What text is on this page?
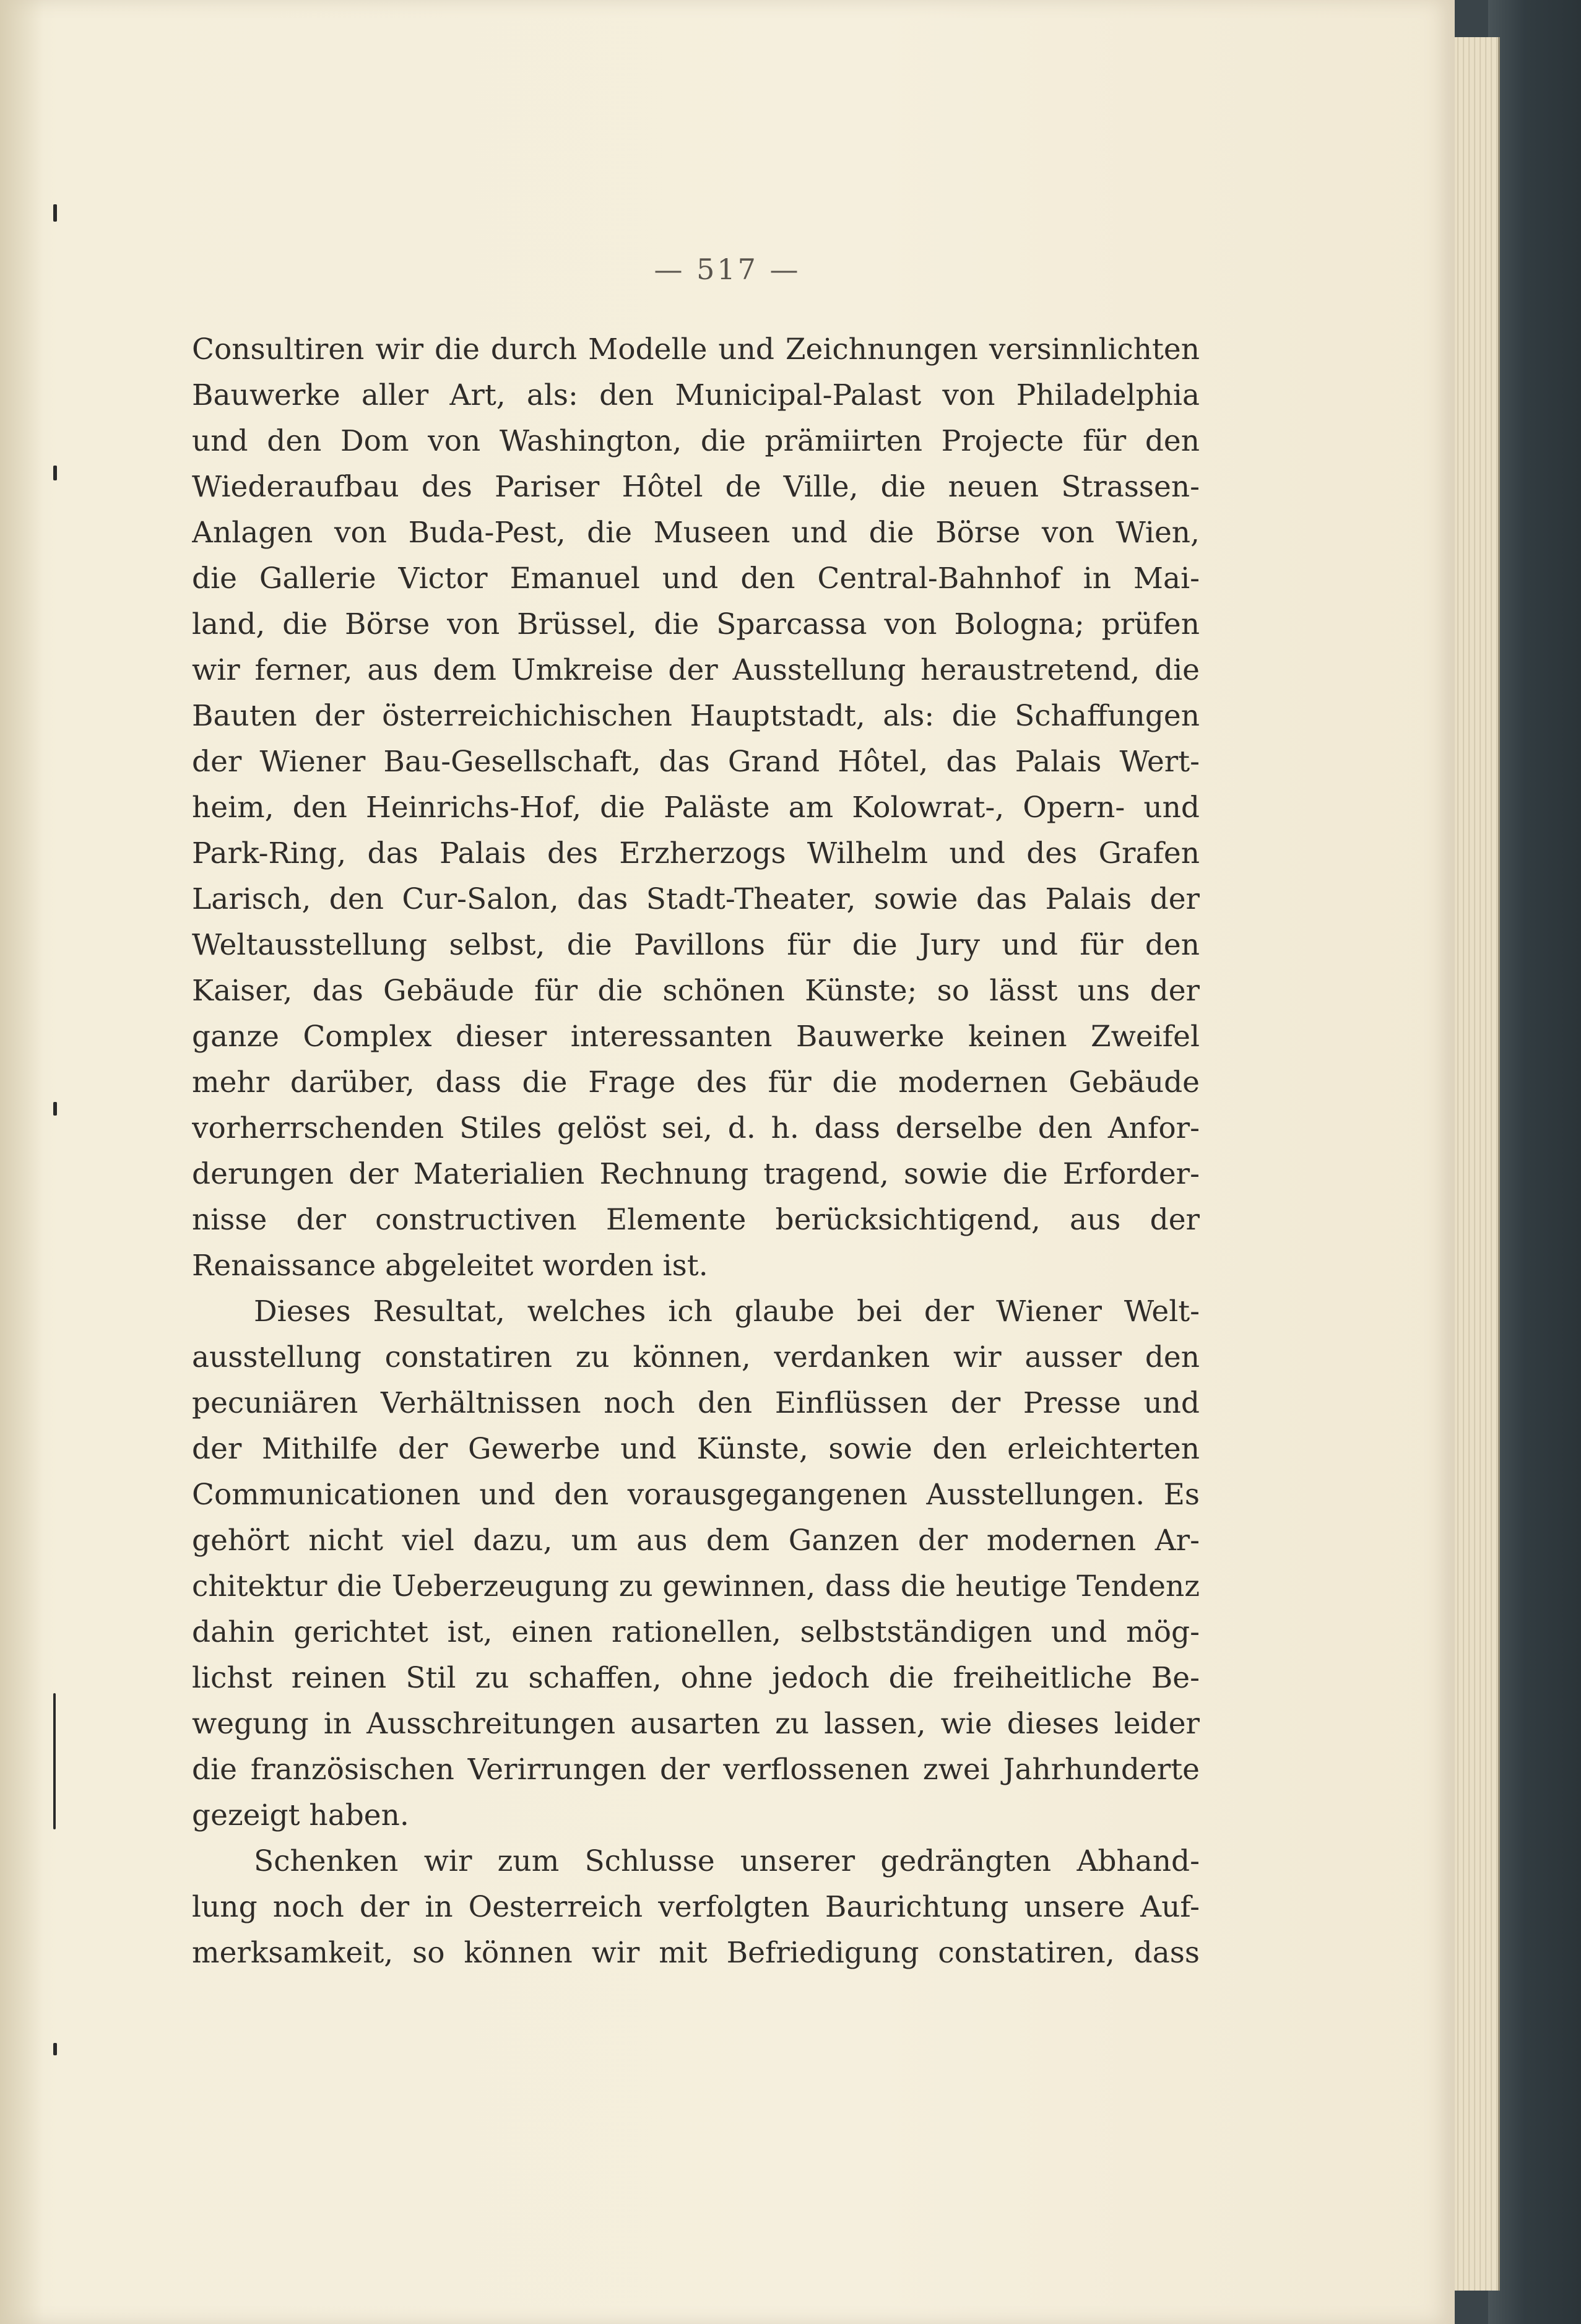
— 517 —
Consultiren wir die durch Modelle und Zeichnungen versinnlichten
Bauwerke aller Art, als: den Municipal-Palast von Philadelphia
und den Dom von Washington, die prämiirten Projecte für den
Wiederaufbau des Pariser Hôtel de Ville, die neuen Strassen-
Anlagen von Buda-Pest, die Museen und die Börse von Wien,
die Gallerie Victor Emanuel und den Central-Bahnhof in Mai-
land, die Börse von Brüssel, die Sparcassa von Bologna; prüfen
wir ferner, aus dem Umkreise der Ausstellung heraustretend, die
Bauten der österreichichischen Hauptstadt, als: die Schaffungen
der Wiener Bau-Gesellschaft, das Grand Hôtel, das Palais Wert-
heim, den Heinrichs-Hof, die Paläste am Kolowrat-, Opern- und
Park-Ring, das Palais des Erzherzogs Wilhelm und des Grafen
Larisch, den Cur-Salon, das Stadt-Theater, sowie das Palais der
Weltausstellung selbst, die Pavillons für die Jury und für den
Kaiser, das Gebäude für die schönen Künste; so lässt uns der
ganze Complex dieser interessanten Bauwerke keinen Zweifel
mehr darüber, dass die Frage des für die modernen Gebäude
vorherrschenden Stiles gelöst sei, d. h. dass derselbe den Anfor-
derungen der Materialien Rechnung tragend, sowie die Erforder-
nisse der constructiven Elemente berücksichtigend, aus der
Renaissance abgeleitet worden ist.
Dieses Resultat, welches ich glaube bei der Wiener Welt-
ausstellung constatiren zu können, verdanken wir ausser den
pecuniären Verhältnissen noch den Einflüssen der Presse und
der Mithilfe der Gewerbe und Künste, sowie den erleichterten
Communicationen und den vorausgegangenen Ausstellungen. Es
gehört nicht viel dazu, um aus dem Ganzen der modernen Ar-
chitektur die Ueberzeugung zu gewinnen, dass die heutige Tendenz
dahin gerichtet ist, einen rationellen, selbstständigen und mög-
lichst reinen Stil zu schaffen, ohne jedoch die freiheitliche Be-
wegung in Ausschreitungen ausarten zu lassen, wie dieses leider
die französischen Verirrungen der verflossenen zwei Jahrhunderte
gezeigt haben.
Schenken wir zum Schlusse unserer gedrängten Abhand-
lung noch der in Oesterreich verfolgten Baurichtung unsere Auf-
merksamkeit, so können wir mit Befriedigung constatiren, dass
